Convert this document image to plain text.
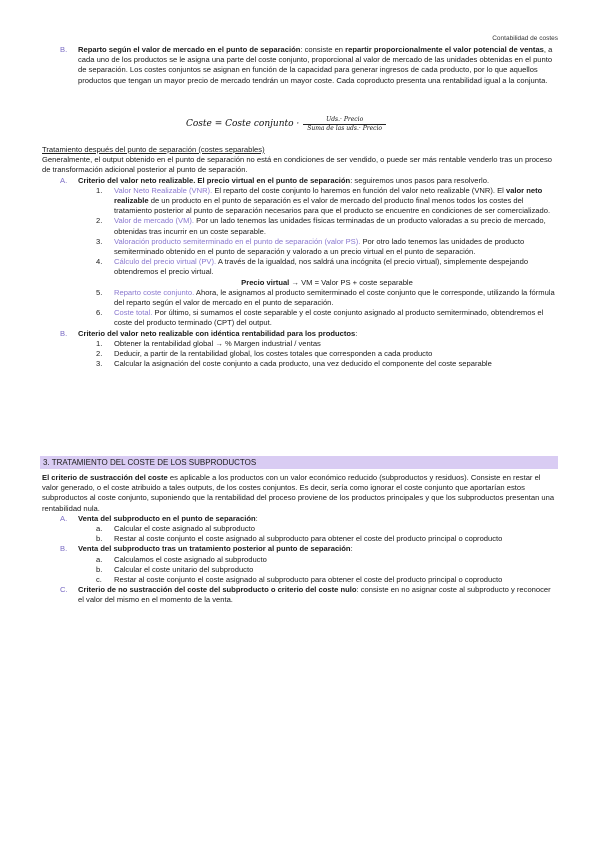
Contabilidad de costes
B.	Reparto según el valor de mercado en el punto de separación: consiste en repartir proporcionalmente el valor potencial de ventas, a cada uno de los productos se le asigna una parte del coste conjunto, proporcional al valor de mercado de las unidades obtenidas en el punto de separación. Los costes conjuntos se asignan en función de la capacidad para generar ingresos de cada producto, por lo que aquellos productos que tengan un mayor precio de mercado tendrán un mayor coste. Cada coproducto presenta una rentabilidad igual a la conjunta.

Coste = Coste conjunto · $\frac{\text{Uds.· Precio}}{\text{Suma de las uds.· Precio}}$

Tratamiento después del punto de separación (costes separables)

Generalmente, el output obtenido en el punto de separación no está en condiciones de ser vendido, o puede ser más rentable venderlo tras un proceso de transformación adicional posterior al punto de separación.

A.	Criterio del valor neto realizable. El precio virtual en el punto de separación: seguiremos unos pasos para resolverlo.

1.	Valor Neto Realizable (VNR). El reparto del coste conjunto lo haremos en función del valor neto realizable (VNR). El valor neto realizable de un producto en el punto de separación es el valor de mercado del producto final menos todos los costes del tratamiento posterior al punto de separación necesarios para que el producto se encuentre en condiciones de ser comercializado.

2.	Valor de mercado (VM). Por un lado tenemos las unidades físicas terminadas de un producto valoradas a su precio de mercado, obtenidas tras incurrir en un coste separable.

3.	Valoración producto semiterminado en el punto de separación (valor PS). Por otro lado tenemos las unidades de producto semiterminado obtenido en el punto de separación y valorado a un precio virtual en el punto de separación.

4.	Cálculo del precio virtual (PV). A través de la igualdad, nos saldrá una incógnita (el precio virtual), simplemente despejando obtendremos el precio virtual.

Precio virtual → VM = Valor PS + coste separable

5.	Reparto coste conjunto. Ahora, le asignamos al producto semiterminado el coste conjunto que le corresponde, utilizando la fórmula del reparto según el valor de mercado en el punto de separación.

6.	Coste total. Por último, si sumamos el coste separable y el coste conjunto asignado al producto semiterminado, obtendremos el coste del producto terminado (CPT) del output.

B.	Criterio del valor neto realizable con idéntica rentabilidad para los productos:

1.	Obtener la rentabilidad global → % Margen industrial / ventas

2.	Deducir, a partir de la rentabilidad global, los costes totales que corresponden a cada producto

3.	Calcular la asignación del coste conjunto a cada producto, una vez deducido el componente del coste separable

3. TRATAMIENTO DEL COSTE DE LOS SUBPRODUCTOS

El criterio de sustracción del coste es aplicable a los productos con un valor económico reducido (subproductos y residuos). Consiste en restar el valor generado, o el coste atribuido a tales outputs, de los costes conjuntos. Es decir, sería como ignorar el coste conjunto que aportarían estos subproductos al coste conjunto, suponiendo que la rentabilidad del proceso proviene de los productos principales y que los subproductos presentan una rentabilidad nula.

A.	Venta del subproducto en el punto de separación:

a.	Calcular el coste asignado al subproducto

b.	Restar al coste conjunto el coste asignado al subproducto para obtener el coste del producto principal o coproducto

B.	Venta del subproducto tras un tratamiento posterior al punto de separación:

a.	Calculamos el coste asignado al subproducto

b.	Calcular el coste unitario del subproducto

c.	Restar al coste conjunto el coste asignado al subproducto para obtener el coste del producto principal o coproducto

C.	Criterio de no sustracción del coste del subproducto o criterio del coste nulo: consiste en no asignar coste al subproducto y reconocer el valor del mismo en el momento de la venta.
